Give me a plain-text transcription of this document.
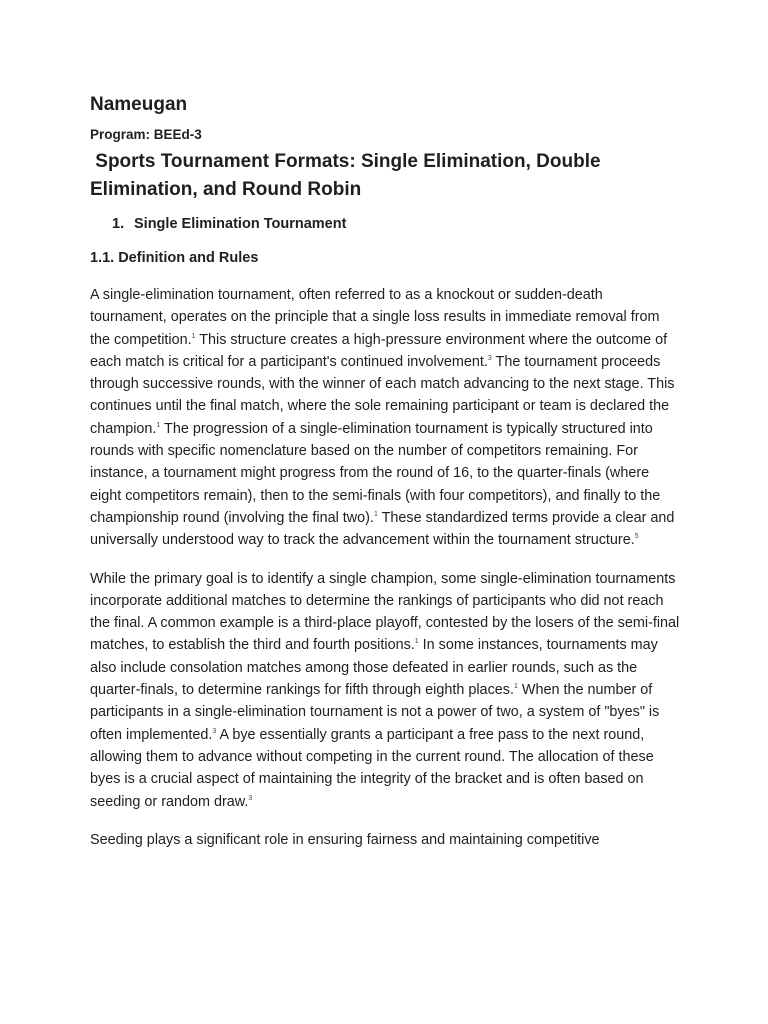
Nameugan
Program: BEEd-3
Sports Tournament Formats: Single Elimination, Double Elimination, and Round Robin
1. Single Elimination Tournament
1.1. Definition and Rules

A single-elimination tournament, often referred to as a knockout or sudden-death tournament, operates on the principle that a single loss results in immediate removal from the competition.$^1$ This structure creates a high-pressure environment where the outcome of each match is critical for a participant's continued involvement.$^3$ The tournament proceeds through successive rounds, with the winner of each match advancing to the next stage. This continues until the final match, where the sole remaining participant or team is declared the champion.$^1$ The progression of a single-elimination tournament is typically structured into rounds with specific nomenclature based on the number of competitors remaining. For instance, a tournament might progress from the round of 16, to the quarter-finals (where eight competitors remain), then to the semi-finals (with four competitors), and finally to the championship round (involving the final two).$^1$ These standardized terms provide a clear and universally understood way to track the advancement within the tournament structure.$^5$

While the primary goal is to identify a single champion, some single-elimination tournaments incorporate additional matches to determine the rankings of participants who did not reach the final. A common example is a third-place playoff, contested by the losers of the semi-final matches, to establish the third and fourth positions.$^1$ In some instances, tournaments may also include consolation matches among those defeated in earlier rounds, such as the quarter-finals, to determine rankings for fifth through eighth places.$^1$ When the number of participants in a single-elimination tournament is not a power of two, a system of "byes" is often implemented.$^3$ A bye essentially grants a participant a free pass to the next round, allowing them to advance without competing in the current round. The allocation of these byes is a crucial aspect of maintaining the integrity of the bracket and is often based on seeding or random draw.$^3$

Seeding plays a significant role in ensuring fairness and maintaining competitive
